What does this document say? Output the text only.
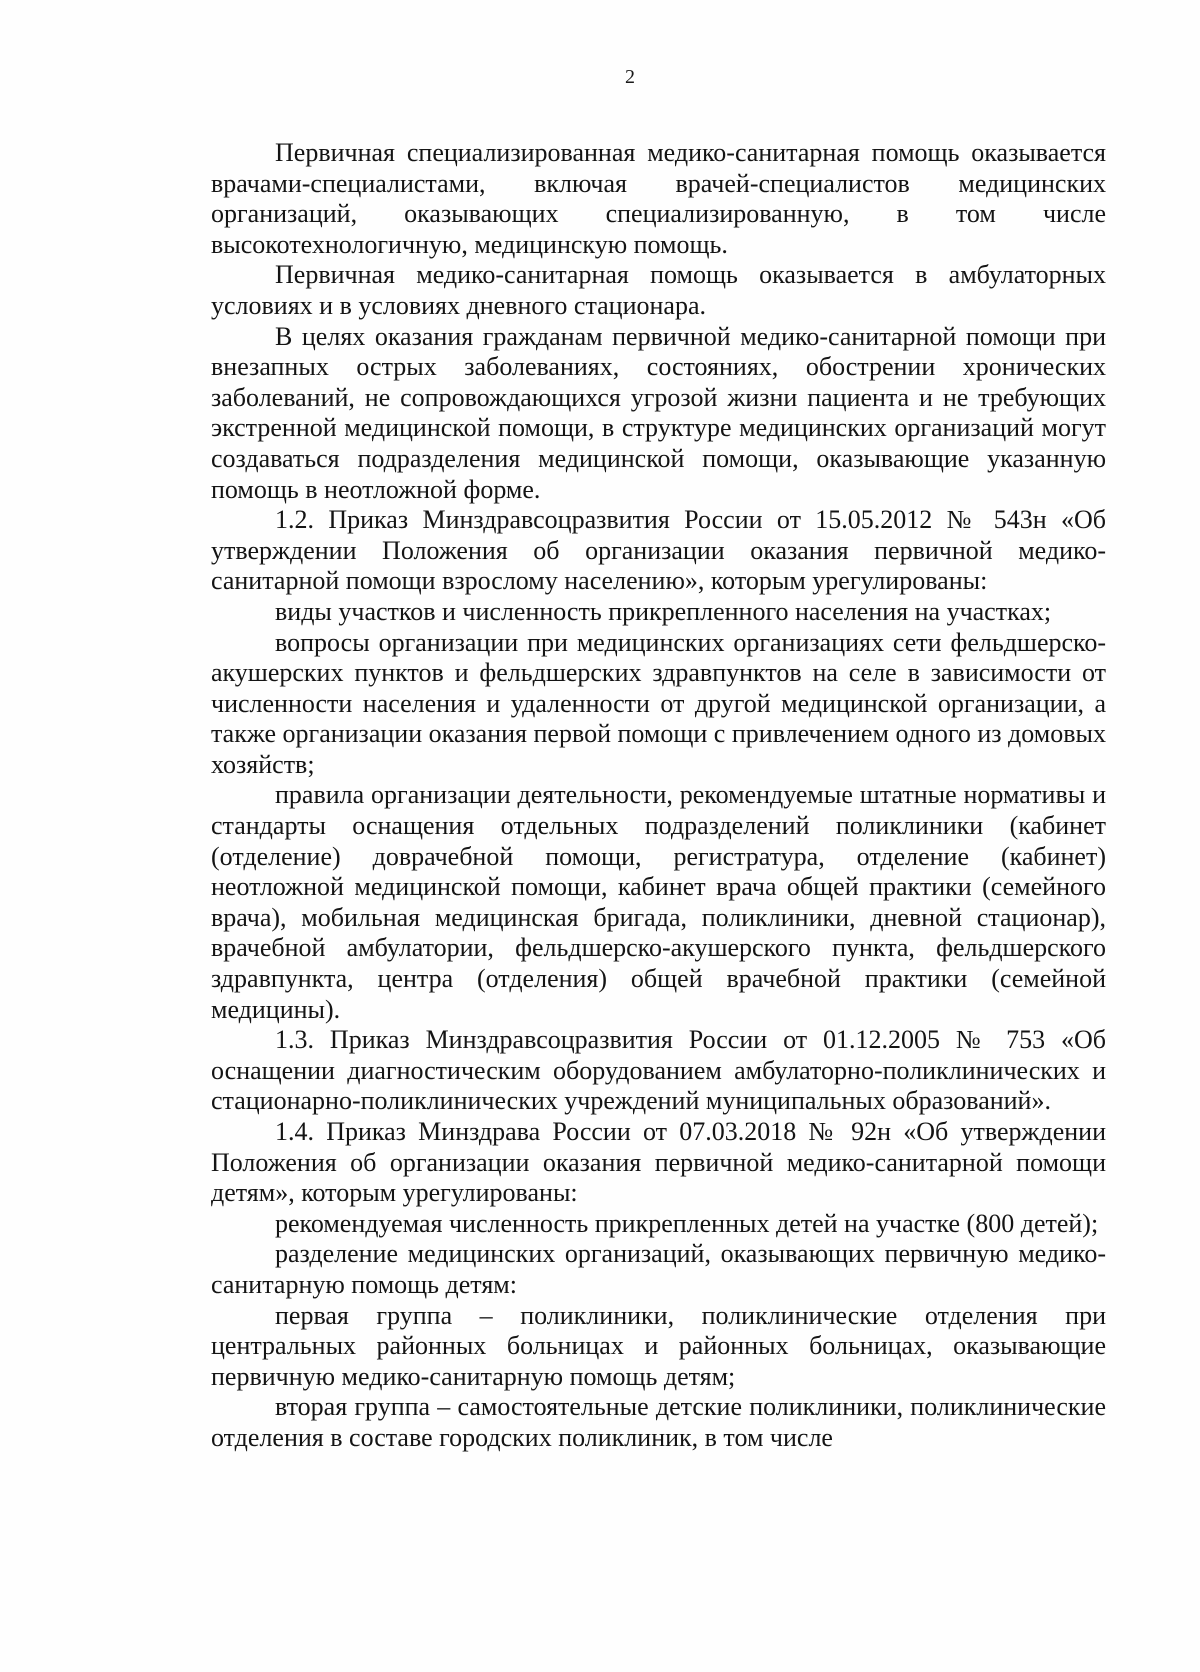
2

Первичная специализированная медико-санитарная помощь оказывается врачами-специалистами, включая врачей-специалистов медицинских организаций, оказывающих специализированную, в том числе высокотехнологичную, медицинскую помощь.

Первичная медико-санитарная помощь оказывается в амбулаторных условиях и в условиях дневного стационара.

В целях оказания гражданам первичной медико-санитарной помощи при внезапных острых заболеваниях, состояниях, обострении хронических заболеваний, не сопровождающихся угрозой жизни пациента и не требующих экстренной медицинской помощи, в структуре медицинских организаций могут создаваться подразделения медицинской помощи, оказывающие указанную помощь в неотложной форме.

1.2. Приказ Минздравсоцразвития России от 15.05.2012 № 543н «Об утверждении Положения об организации оказания первичной медико-санитарной помощи взрослому населению», которым урегулированы:

виды участков и численность прикрепленного населения на участках;

вопросы организации при медицинских организациях сети фельдшерско-акушерских пунктов и фельдшерских здравпунктов на селе в зависимости от численности населения и удаленности от другой медицинской организации, а также организации оказания первой помощи с привлечением одного из домовых хозяйств;

правила организации деятельности, рекомендуемые штатные нормативы и стандарты оснащения отдельных подразделений поликлиники (кабинет (отделение) доврачебной помощи, регистратура, отделение (кабинет) неотложной медицинской помощи, кабинет врача общей практики (семейного врача), мобильная медицинская бригада, поликлиники, дневной стационар), врачебной амбулатории, фельдшерско-акушерского пункта, фельдшерского здравпункта, центра (отделения) общей врачебной практики (семейной медицины).

1.3. Приказ Минздравсоцразвития России от 01.12.2005 № 753 «Об оснащении диагностическим оборудованием амбулаторно-поликлинических и стационарно-поликлинических учреждений муниципальных образований».

1.4. Приказ Минздрава России от 07.03.2018 № 92н «Об утверждении Положения об организации оказания первичной медико-санитарной помощи детям», которым урегулированы:

рекомендуемая численность прикрепленных детей на участке (800 детей);

разделение медицинских организаций, оказывающих первичную медико-санитарную помощь детям:

первая группа – поликлиники, поликлинические отделения при центральных районных больницах и районных больницах, оказывающие первичную медико-санитарную помощь детям;

вторая группа – самостоятельные детские поликлиники, поликлинические отделения в составе городских поликлиник, в том числе
